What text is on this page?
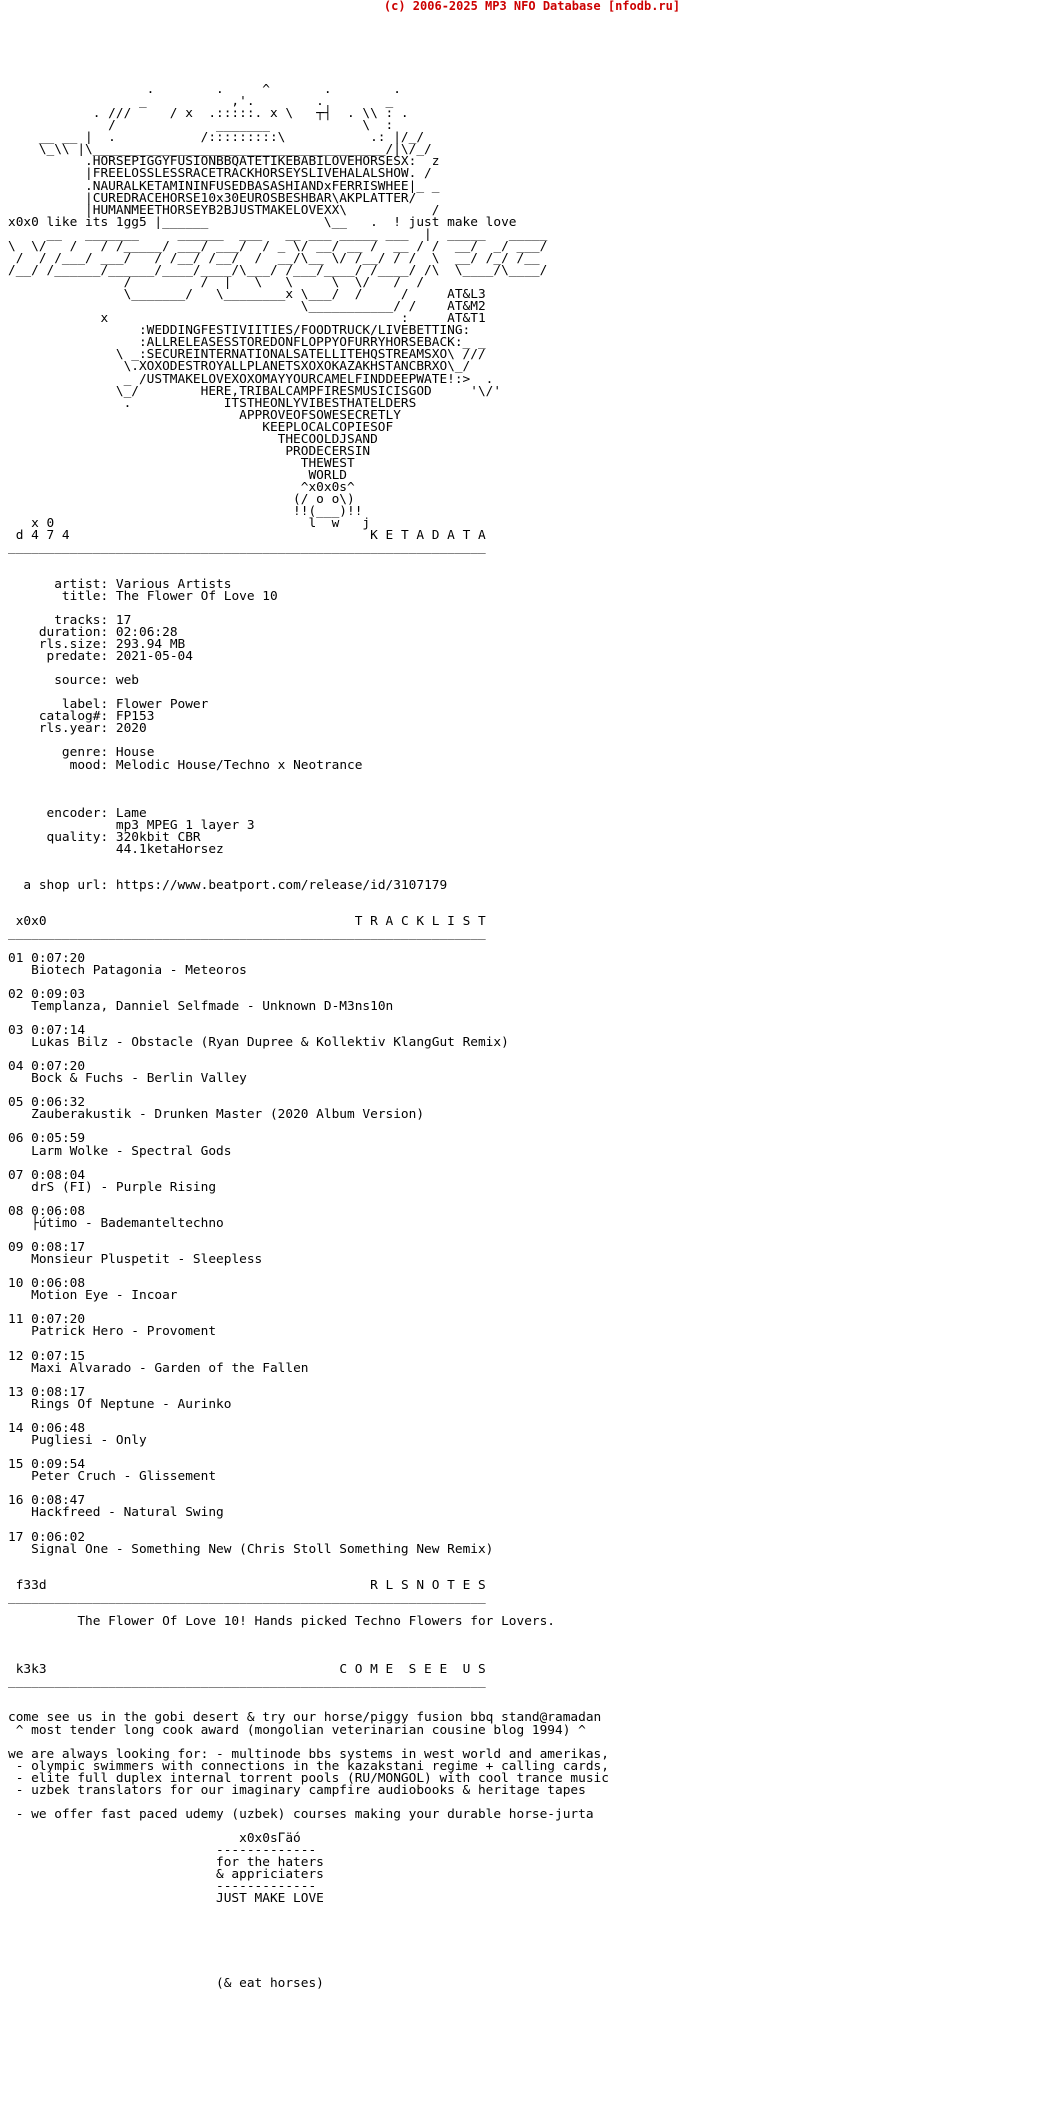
(c) 2006-2025 MP3 NFO Database [nfodb.ru]
.        .     ^       .        .
_           ,'.        .        _
. ///     / x  .:::::. x \   ┬┤  . \\ : .
/             _______            \  :
__ __ |  .           /:::::::::\           .: |/_/
\_\\ |\______________________________________/|\/_/
.HORSEPIGGYFUSIONBBQATETIKEBABILOVEHORSESX:  z
|FREELOSSLESSRACETRACKHORSEYSLIVEHALALSHOW. /
.NAURALKETAMININFUSEDBASASHIANDxFERRISWHEE|_ _
|CUREDRACEHORSE10x30EUROSBESHBAR\AKPLATTER/
|HUMANMEETHORSEYB2BJUSTMAKELOVEXX\           /
x0x0 like its 1gg5 |______               \__   .  ! just make love
__   _______     ______  ___   __ ___ _____ ___  |  _____   _____
\  \/   /   / /_____/ ___/ ___/  / _ \/ __/ __ /  __ / /  __/  _/ ___/
/  / /___/ ___/   / /__/ /__/  /  __/\__ \/ /__/ / /  \  __/ /_/ /__
/__/ /______/______/____/____/\___/ /___/____/ /____/ /\  \____/\____/
/         /  |   \   \     \  \/   /  /
\_______/   \________x \___/  /     /     AT&L3
\___________/ /    AT&M2
x                                      :     AT&T1
:WEDDINGFESTIVIITIES/FOODTRUCK/LIVEBETTING:
:ALLRELEASESSTOREDONFLOPPYOFURRYHORSEBACK:_ _
\ _:SECUREINTERNATIONALSATELLITEHQSTREAMSXO\ ///
\.XOXODESTROYALLPLANETSXOXOKAZAKHSTANCBRXO\_/
_ /USTMAKELOVEXOXOMAYYOURCAMELFINDDEEPWATE!:>  .
\_/        HERE,TRIBALCAMPFIRESMUSICISGOD     '\/'
.            ITSTHEONLYVIBESTHATELDERS
APPROVEOFSOWESECRETLY
KEEPLOCALCOPIESOF
THECOOLDJSAND
PRODECERSIN
THEWEST
WORLD
^x0x0s^
(/ o o\)
!!(___)!!
x 0                                 l  w   j
d 4 7 4	K E T A D A T A
______________________________________________________________

artist: Various Artists
title: The Flower Of Love 10

tracks: 17
duration: 02:06:28
rls.size: 293.94 MB
predate: 2021-05-04

source: web

label: Flower Power
catalog#: FP153
rls.year: 2020

genre: House
mood: Melodic House/Techno x Neotrance

encoder: Lame
mp3 MPEG 1 layer 3
quality: 320kbit CBR
44.1ketaHorsez

a shop url: https://www.beatport.com/release/id/3107179

x0x0	T R A C K L I S T
______________________________________________________________

01 0:07:20
Biotech Patagonia - Meteoros

02 0:09:03
Templanza, Danniel Selfmade - Unknown D-M3ns10n

03 0:07:14
Lukas Bilz - Obstacle (Ryan Dupree & Kollektiv KlangGut Remix)

04 0:07:20
Bock & Fuchs - Berlin Valley

05 0:06:32
Zauberakustik - Drunken Master (2020 Album Version)

06 0:05:59
Larm Wolke - Spectral Gods

07 0:08:04
drS (FI) - Purple Rising

08 0:06:08
├útimo - Bademanteltechno

09 0:08:17
Monsieur Pluspetit - Sleepless

10 0:06:08
Motion Eye - Incoar

11 0:07:20
Patrick Hero - Provoment

12 0:07:15
Maxi Alvarado - Garden of the Fallen

13 0:08:17
Rings Of Neptune - Aurinko

14 0:06:48
Pugliesi - Only

15 0:09:54
Peter Cruch - Glissement

16 0:08:47
Hackfreed - Natural Swing

17 0:06:02
Signal One - Something New (Chris Stoll Something New Remix)

f33d	R L S N O T E S
______________________________________________________________

The Flower Of Love 10! Hands picked Techno Flowers for Lovers.

k3k3	C O M E  S E E  U S
______________________________________________________________

come see us in the gobi desert & try our horse/piggy fusion bbq stand@ramadan
^ most tender long cook award (mongolian veterinarian cousine blog 1994) ^

we are always looking for: - multinode bbs systems in west world and amerikas,
- olympic swimmers with connections in the kazakstani regime + calling cards,
- elite full duplex internal torrent pools (RU/MONGOL) with cool trance music
- uzbek translators for our imaginary campfire audiobooks & heritage tapes

- we offer fast paced udemy (uzbek) courses making your durable horse-jurta

x0x0sΓäó
-------------
for the haters
& appriciaters
-------------
JUST MAKE LOVE

(& eat horses)
